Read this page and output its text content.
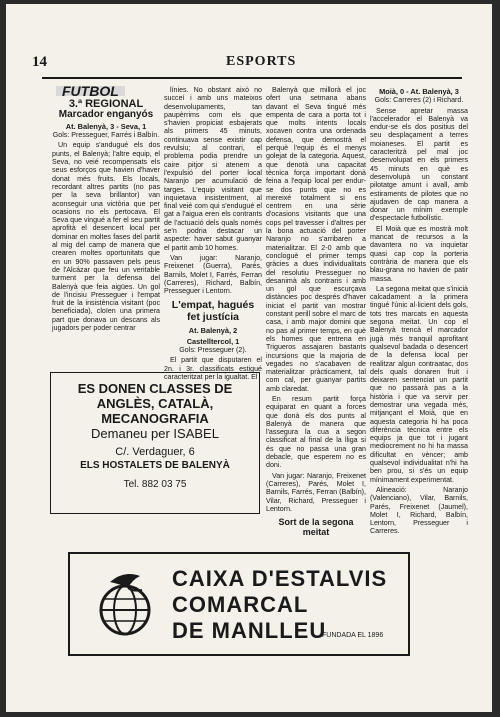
14	ESPORTS
FUTBOL
3.ª REGIONAL
Marcador enganyós
At. Balenyà, 3 - Seva, 1
Gols: Presseguer, Farrés i Balbín.

Un equip s'andugué els dos punts, el Balenyà; l'altre equip, el Seva, no veié recompensats els seus esforços que havien d'haver donat més fruits. Els locals, recordant altres partits (no pas per la seva brillantor) van aconseguir una victòria que per ocasions no els pertocava. El Seva que vingué a fer el seu partit aprofità el desencert local per dominar en moltes fases del partit al mig del camp de manera que crearen moltes oportunitats que en un 90% passaven pels peus de l'Alcázar que feu un veritable turment per la defensa del Balenyà que feia aigües. Un gol de l'incisiu Presseguer i l'empat fruit de la insistència visitant (poc beneficiada), cloïen una primera part que donava un descans als jugadors per poder centrar

línies. No obstant això no succeí i amb uns mateixos desenvolupaments, tan paupèrrims com els que s'havien propiciat esbajerats als primers 45 minuts, continuava sense existir cap revulsiu; al contrari, el problema podia prendre un caire pitjor si atenem a l'expulsió del porter local Naranjo per acumulació de targes. L'equip visitant que inquietava insistentment, al final veié com qui s'endugué el gat a l'aigua eren els contrants de l'actuació dels quals només se'n podria destacar un aspecte: haver sabut guanyar el partit amb 10 homes.

Van jugar: Naranjo, Freixenet (Guerra), Parés, Barnils, Molet I, Farrés, Ferran (Carreres), Richard, Balbín, Presseguer i Lentorn.

L'empat, hagués fet justícia
At. Balenyà, 2
Castelltercol, 1
Gols: Presseguer (2).

El partit que disputaren el 2n. i 3r. classificats estigué caracteritzat per la igualtat. El

Balenyà que millorà el joc ofert una setmana abans davant el Seva tingué més empenta de cara a porta tot i que molts intents locals xocaven contra una ordenada defensa, que demostrà el perquè l'equip és el menys golejat de la categoria. Aquest, que denotà una capacitat tècnica força important donà feina a l'equip local per endur-se dos punts que no es mereixé totalment si ens centrem en una sèrie d'ocasions visitants que una cops pel travesser i d'altres per la bona actuació del porter Naranjo no s'arribaren a materialitzar. El 2-0 amb que concloguè el primer temps gràcies a dues individualitats del resolutiu Presseguer no desanimà als contraris i amb un gol que escurçava distàncies poc després d'haver iniciat el partit van mostrar constant perill sobre el marc de casa, i amb major domini que no pas al primer temps, en què els homes que entrena en Trigueros assajaren bastants incursions que la majoria de vegades no s'acabaven de materialitzar pràcticament, tal com cal, per guanyar partits amb claredat.

En resum partit força equiparat en quant a forces que donà els dos punts al Balenyà de manera que l'assegura la cua a segon classificat al final de la lliga si és que no passa una gran debacle, que esperem no es doni.

Van jugar: Naranjo, Freixenet (Carreres), Parés, Molet I, Barnils, Farrés, Ferran (Balbín), Vilar, Richard, Presseguer i Lentorn.

Sort de la segona meitat
Moià, 0 - At. Balenyà, 3
Gols: Carreres (2) i Richard.

Sense apretar massa l'accelerador el Balenyà va endur-se els dos positius del seu desplaçament a terres moianeses. El partit es caracteritzà pel mal joc desenvolupat en els primers 45 minuts en què es desenvolupà un constant pilotatge amunt i avall, amb estiraments de pilotes que no ajudaven de cap manera a donar un mínim exemple d'espectacle futbolístic.

El Moià que es mostrà molt mancat de recursos a la davantera no va inquietar quasi cap cop la porteria contrària de manera que els blau-grana no havien de patir massa.

La segona meitat que s'inicià calcadament a la primera tingué l'únic al·licient dels gols, tots tres marcats en aquesta segona meitat. Un cop el Balenyà trencà el marcador jugà més tranquil aprofitant qualsevol badada o desencert de la defensa local per realitzar algun contraatac, dos dels quals donaren fruit i deixaren sentenciat un partit que no passarà pas a la història i que va servir per demostrar una vegada més, mitjançant el Moià, que en aquesta categoria hi ha poca diferència tècnica entre els equips ja que tot i jugant mediocrement no hi ha massa dificultat en vèncer; amb qualsevol individualitat n'hi ha ben prou, si s'és un equip mínimament experimentat.

Alineació: Naranjo (Valenciano), Vilar, Barnils, Parés, Freixenet (Jaumel), Molet I, Richard, Balbín, Lentorn, Presseguer i Carreres.

ES DONEN CLASSES DE
ANGLÈS, CATALÀ,
MECANOGRAFIA
Demaneu per ISABEL
C/. Verdaguer, 6
ELS HOSTALETS DE BALENYÀ
Tel. 882 03 75
CAIXA D'ESTALVIS
COMARCAL
DE MANLLEU
FUNDADA EL 1896
